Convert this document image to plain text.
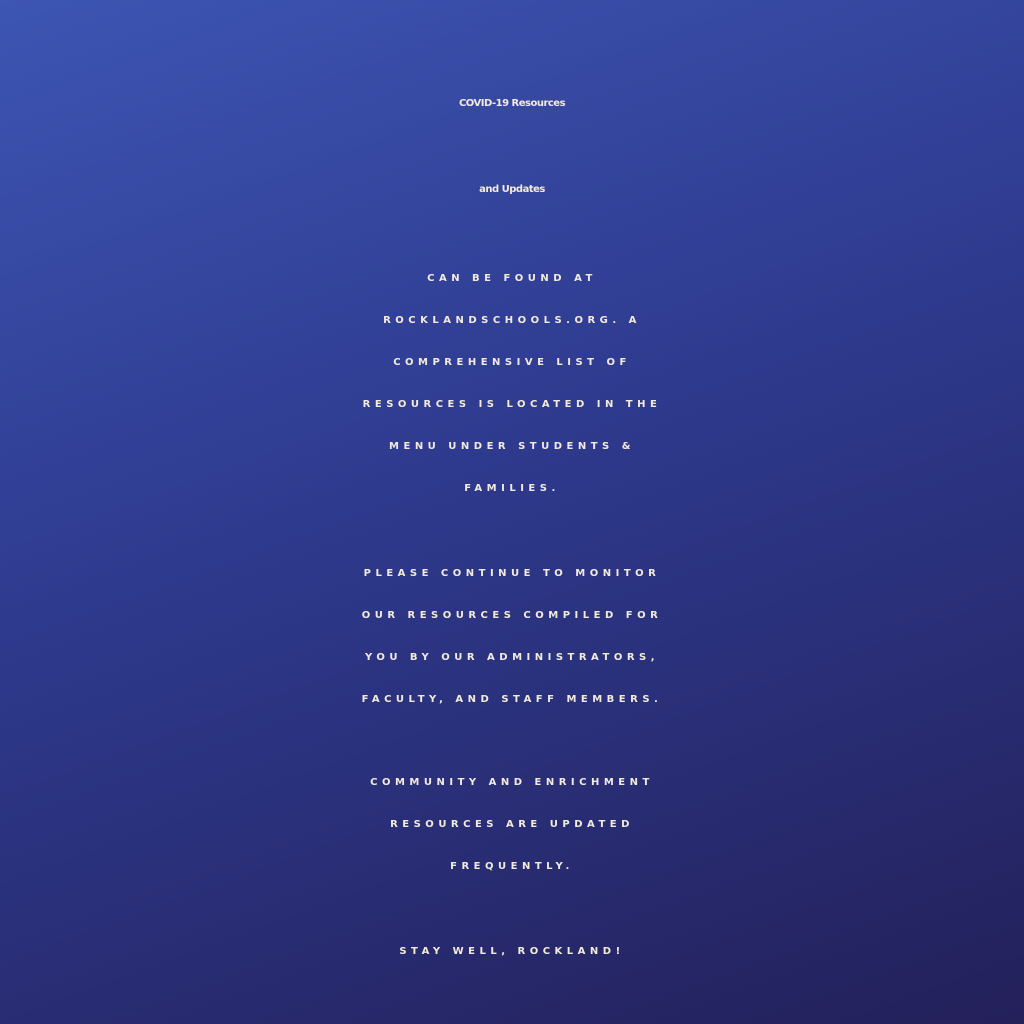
COVID-19 Resources
and Updates

CAN BE FOUND AT
ROCKLANDSCHOOLS.ORG. A
COMPREHENSIVE LIST OF
RESOURCES IS LOCATED IN THE
MENU UNDER STUDENTS &
FAMILIES.

PLEASE CONTINUE TO MONITOR
OUR RESOURCES COMPILED FOR
YOU BY OUR ADMINISTRATORS,
FACULTY, AND STAFF MEMBERS.

COMMUNITY AND ENRICHMENT
RESOURCES ARE UPDATED
FREQUENTLY.

STAY WELL, ROCKLAND!
